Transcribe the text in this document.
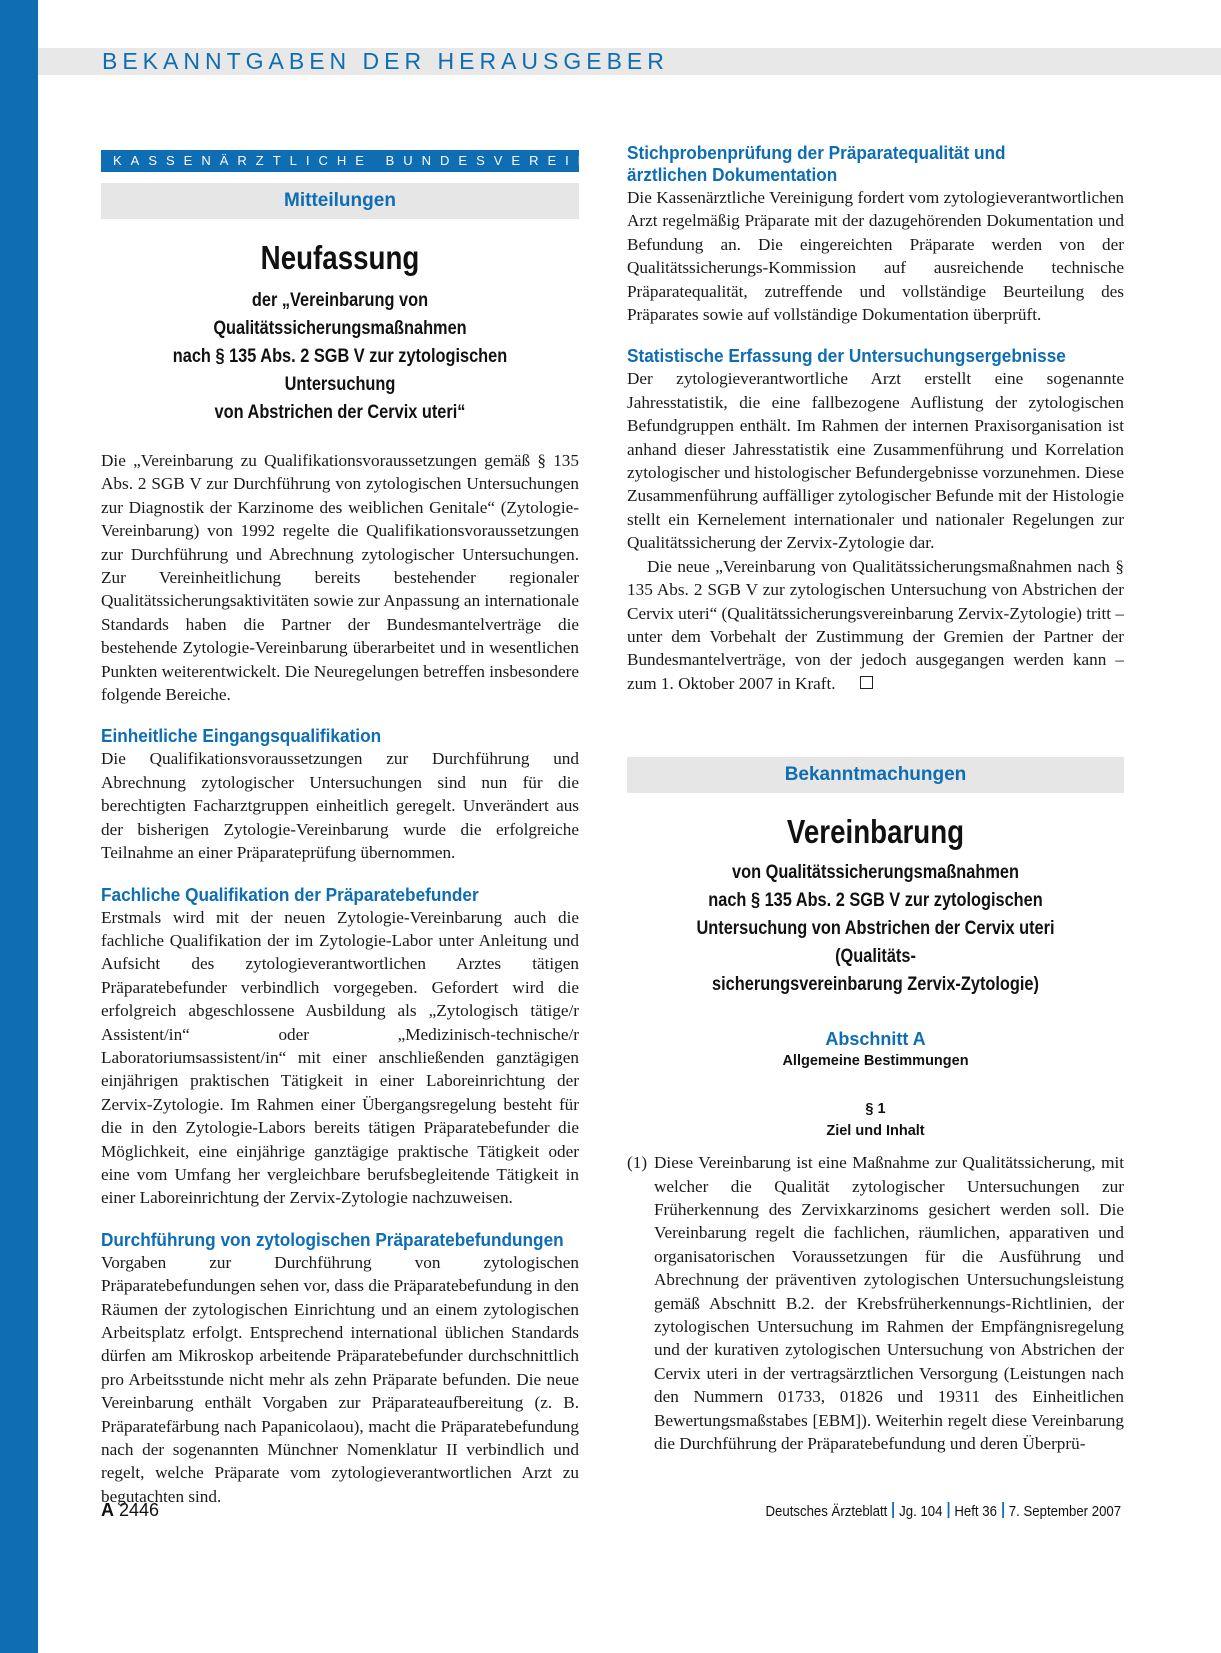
BEKANNTGABEN DER HERAUSGEBER
KASSENÄRZTLICHE BUNDESVEREINIGUNG
Mitteilungen
Neufassung
der „Vereinbarung von Qualitätssicherungsmaßnahmen
nach § 135 Abs. 2 SGB V zur zytologischen Untersuchung
von Abstrichen der Cervix uteri“

Die „Vereinbarung zu Qualifikationsvoraussetzungen gemäß § 135 Abs. 2 SGB V zur Durchführung von zytologischen Untersuchungen zur Diagnostik der Karzinome des weiblichen Genitale“ (Zytologie-Vereinbarung) von 1992 regelte die Qualifikationsvoraussetzungen zur Durchführung und Abrechnung zytologischer Untersuchungen. Zur Vereinheitlichung bereits bestehender regionaler Qualitätssicherungsaktivitäten sowie zur Anpassung an internationale Standards haben die Partner der Bundesmantelverträge die bestehende Zytologie-Vereinbarung überarbeitet und in wesentlichen Punkten weiterentwickelt. Die Neuregelungen betreffen insbesondere folgende Bereiche.

Einheitliche Eingangsqualifikation

Die Qualifikationsvoraussetzungen zur Durchführung und Abrechnung zytologischer Untersuchungen sind nun für die berechtigten Facharztgruppen einheitlich geregelt. Unverändert aus der bisherigen Zytologie-Vereinbarung wurde die erfolgreiche Teilnahme an einer Präparateprüfung übernommen.

Fachliche Qualifikation der Präparatebefunder

Erstmals wird mit der neuen Zytologie-Vereinbarung auch die fachliche Qualifikation der im Zytologie-Labor unter Anleitung und Aufsicht des zytologieverantwortlichen Arztes tätigen Präparatebefunder verbindlich vorgegeben. Gefordert wird die erfolgreich abgeschlossene Ausbildung als „Zytologisch tätige/r Assistent/in“ oder „Medizinisch-technische/r Laboratoriumsassistent/in“ mit einer anschließenden ganztägigen einjährigen praktischen Tätigkeit in einer Laboreinrichtung der Zervix-Zytologie. Im Rahmen einer Übergangsregelung besteht für die in den Zytologie-Labors bereits tätigen Präparatebefunder die Möglichkeit, eine einjährige ganztägige praktische Tätigkeit oder eine vom Umfang her vergleichbare berufsbegleitende Tätigkeit in einer Laboreinrichtung der Zervix-Zytologie nachzuweisen.

Durchführung von zytologischen Präparatebefundungen

Vorgaben zur Durchführung von zytologischen Präparatebefundungen sehen vor, dass die Präparatebefundung in den Räumen der zytologischen Einrichtung und an einem zytologischen Arbeitsplatz erfolgt. Entsprechend international üblichen Standards dürfen am Mikroskop arbeitende Präparatebefunder durchschnittlich pro Arbeitsstunde nicht mehr als zehn Präparate befunden. Die neue Vereinbarung enthält Vorgaben zur Präparateaufbereitung (z. B. Präparatefärbung nach Papanicolaou), macht die Präparatebefundung nach der sogenannten Münchner Nomenklatur II verbindlich und regelt, welche Präparate vom zytologieverantwortlichen Arzt zu begutachten sind.

Stichprobenprüfung der Präparatequalität und ärztlichen Dokumentation

Die Kassenärztliche Vereinigung fordert vom zytologieverantwortlichen Arzt regelmäßig Präparate mit der dazugehörenden Dokumentation und Befundung an. Die eingereichten Präparate werden von der Qualitätssicherungs-Kommission auf ausreichende technische Präparatequalität, zutreffende und vollständige Beurteilung des Präparates sowie auf vollständige Dokumentation überprüft.

Statistische Erfassung der Untersuchungsergebnisse

Der zytologieverantwortliche Arzt erstellt eine sogenannte Jahresstatistik, die eine fallbezogene Auflistung der zytologischen Befundgruppen enthält. Im Rahmen der internen Praxisorganisation ist anhand dieser Jahresstatistik eine Zusammenführung und Korrelation zytologischer und histologischer Befundergebnisse vorzunehmen. Diese Zusammenführung auffälliger zytologischer Befunde mit der Histologie stellt ein Kernelement internationaler und nationaler Regelungen zur Qualitätssicherung der Zervix-Zytologie dar.

Die neue „Vereinbarung von Qualitätssicherungsmaßnahmen nach § 135 Abs. 2 SGB V zur zytologischen Untersuchung von Abstrichen der Cervix uteri“ (Qualitätssicherungsvereinbarung Zervix-Zytologie) tritt – unter dem Vorbehalt der Zustimmung der Gremien der Partner der Bundesmantelverträge, von der jedoch ausgegangen werden kann – zum 1. Oktober 2007 in Kraft.

Bekanntmachungen
Vereinbarung
von Qualitätssicherungsmaßnahmen
nach § 135 Abs. 2 SGB V zur zytologischen
Untersuchung von Abstrichen der Cervix uteri (Qualitäts-
sicherungsvereinbarung Zervix-Zytologie)
Abschnitt A
Allgemeine Bestimmungen
§ 1
Ziel und Inhalt
(1) Diese Vereinbarung ist eine Maßnahme zur Qualitätssicherung, mit welcher die Qualität zytologischer Untersuchungen zur Früherkennung des Zervixkarzinoms gesichert werden soll. Die Vereinbarung regelt die fachlichen, räumlichen, apparativen und organisatorischen Voraussetzungen für die Ausführung und Abrechnung der präventiven zytologischen Untersuchungsleistung gemäß Abschnitt B.2. der Krebsfrüherkennungs-Richtlinien, der zytologischen Untersuchung im Rahmen der Empfängnisregelung und der kurativen zytologischen Untersuchung von Abstrichen der Cervix uteri in der vertragsärztlichen Versorgung (Leistungen nach den Nummern 01733, 01826 und 19311 des Einheitlichen Bewertungsmaßstabes [EBM]). Weiterhin regelt diese Vereinbarung die Durchführung der Präparatebefundung und deren Überprü-

A 2446	Deutsches Ärzteblatt Jg. 104 Heft 36 7. September 2007
